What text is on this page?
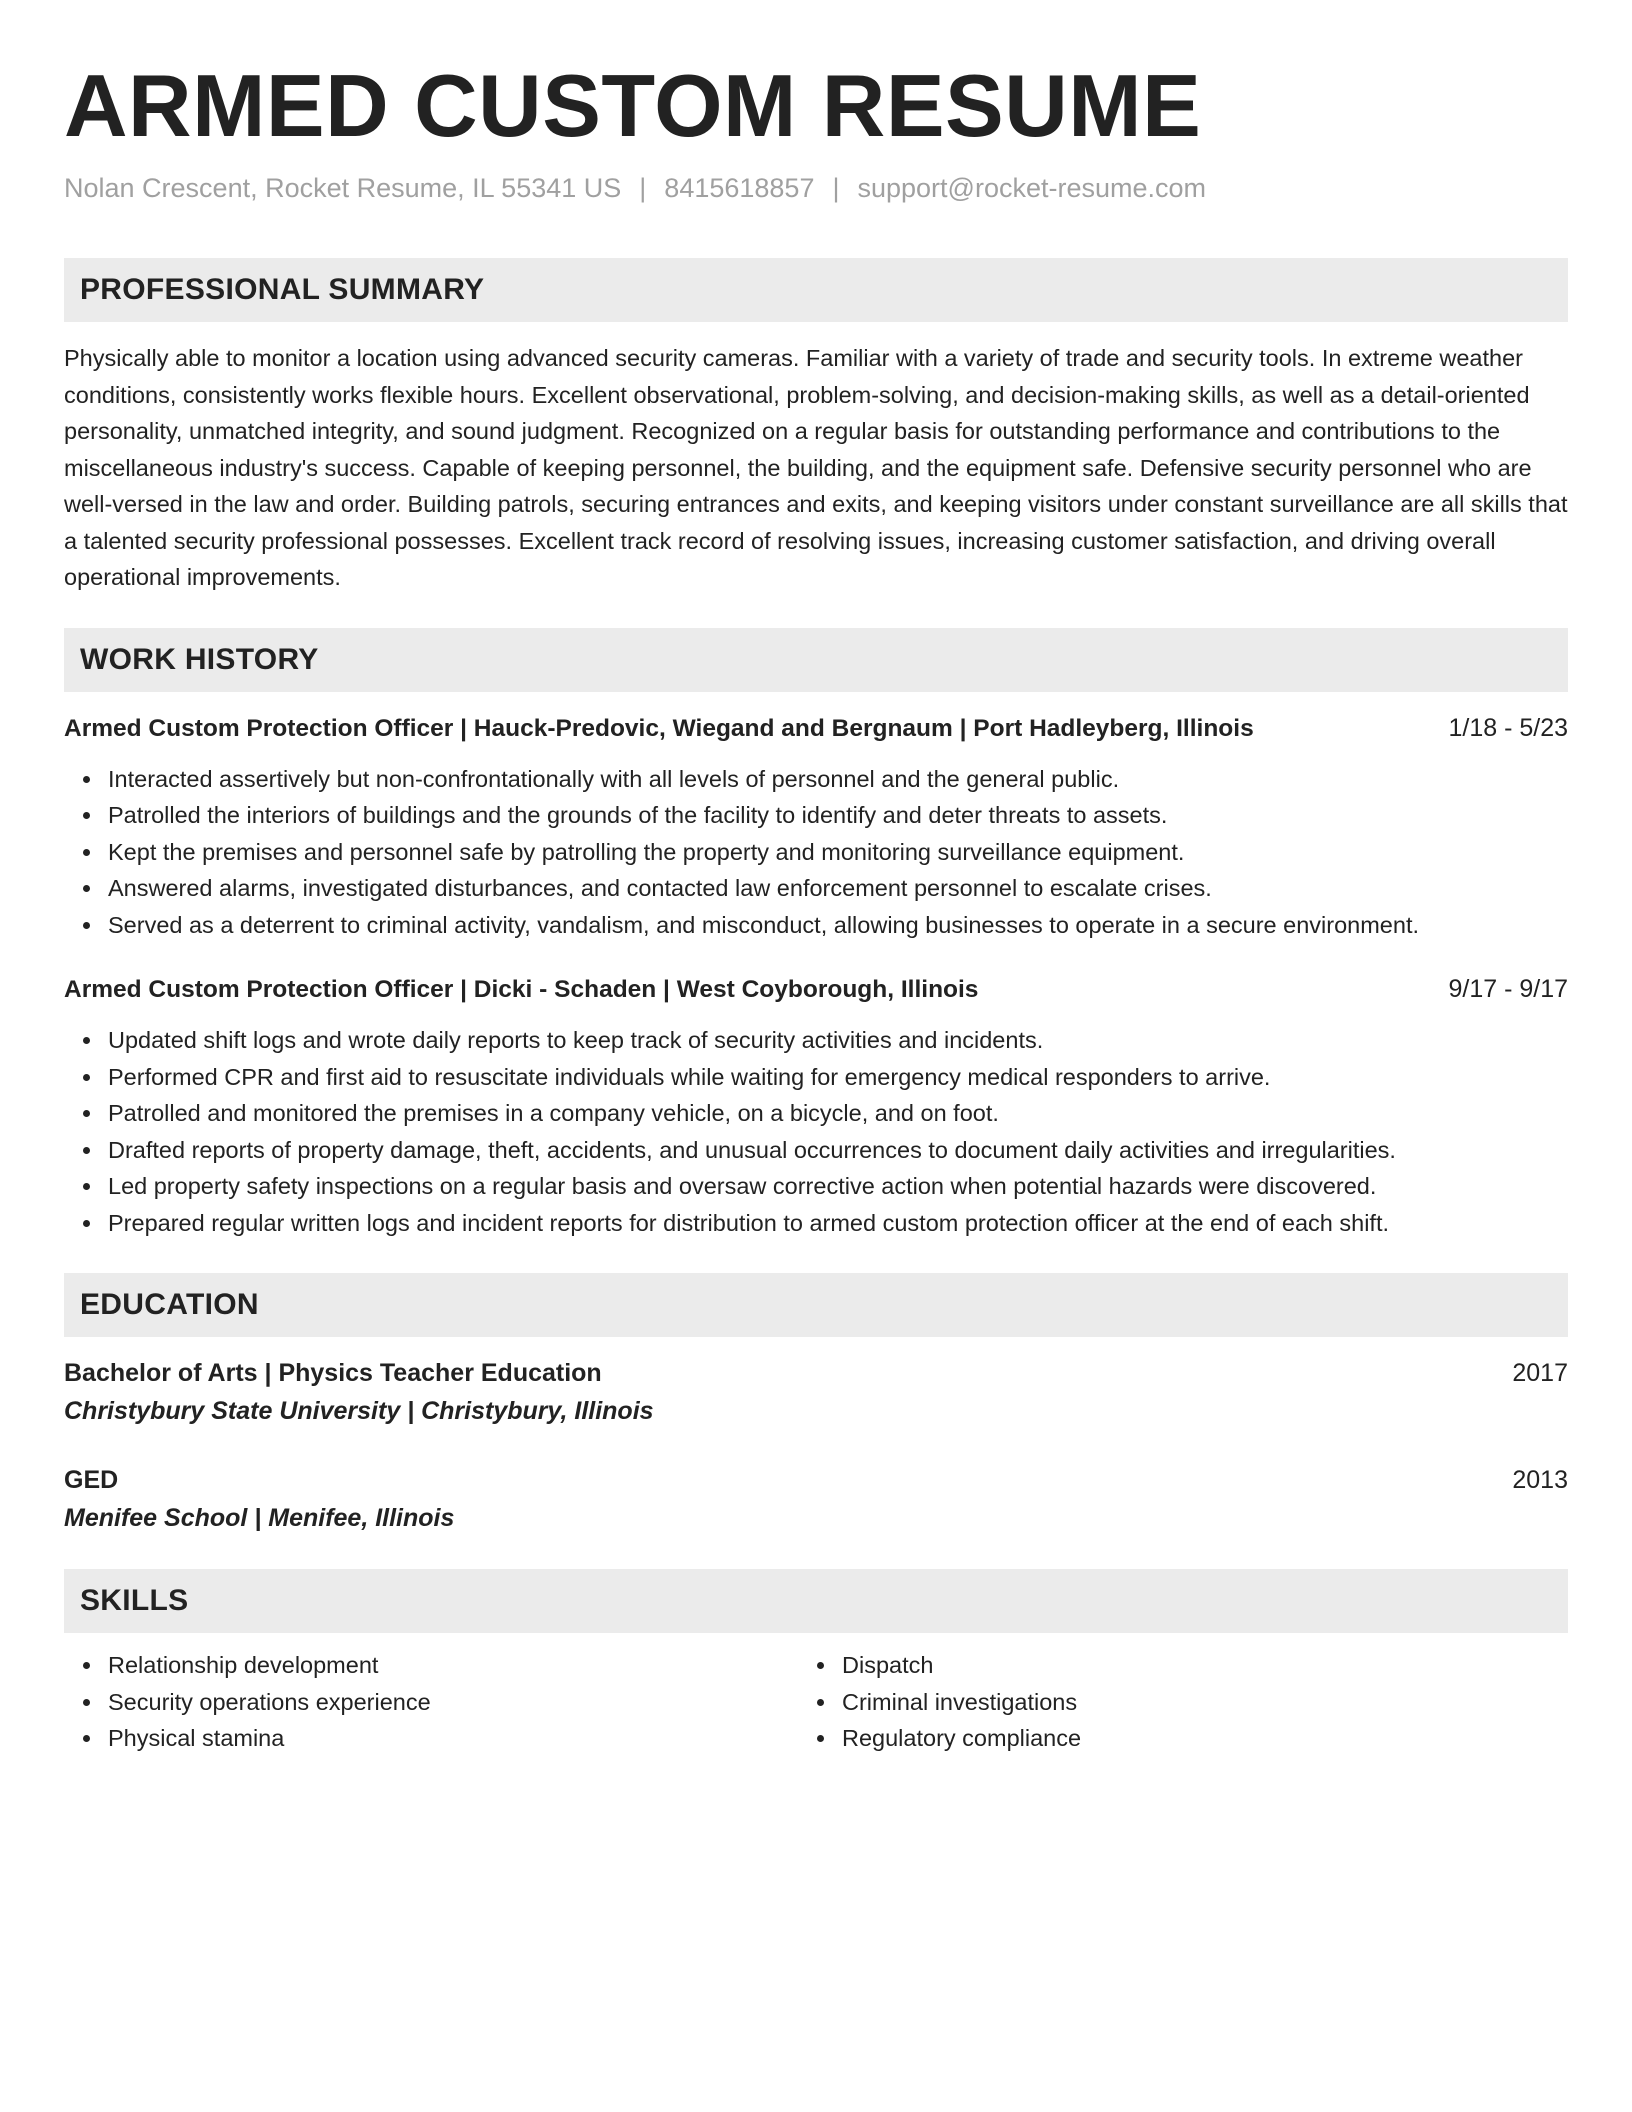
ARMED CUSTOM RESUME
Nolan Crescent, Rocket Resume, IL 55341 US | 8415618857 | support@rocket-resume.com
PROFESSIONAL SUMMARY

Physically able to monitor a location using advanced security cameras. Familiar with a variety of trade and security tools. In extreme weather conditions, consistently works flexible hours. Excellent observational, problem-solving, and decision-making skills, as well as a detail-oriented personality, unmatched integrity, and sound judgment. Recognized on a regular basis for outstanding performance and contributions to the miscellaneous industry's success. Capable of keeping personnel, the building, and the equipment safe. Defensive security personnel who are well-versed in the law and order. Building patrols, securing entrances and exits, and keeping visitors under constant surveillance are all skills that a talented security professional possesses. Excellent track record of resolving issues, increasing customer satisfaction, and driving overall operational improvements.

WORK HISTORY
Armed Custom Protection Officer | Hauck-Predovic, Wiegand and Bergnaum | Port Hadleyberg, Illinois	1/18 - 5/23
Interacted assertively but non-confrontationally with all levels of personnel and the general public.
Patrolled the interiors of buildings and the grounds of the facility to identify and deter threats to assets.
Kept the premises and personnel safe by patrolling the property and monitoring surveillance equipment.
Answered alarms, investigated disturbances, and contacted law enforcement personnel to escalate crises.
Served as a deterrent to criminal activity, vandalism, and misconduct, allowing businesses to operate in a secure environment.
Armed Custom Protection Officer | Dicki - Schaden | West Coyborough, Illinois	9/17 - 9/17
Updated shift logs and wrote daily reports to keep track of security activities and incidents.
Performed CPR and first aid to resuscitate individuals while waiting for emergency medical responders to arrive.
Patrolled and monitored the premises in a company vehicle, on a bicycle, and on foot.
Drafted reports of property damage, theft, accidents, and unusual occurrences to document daily activities and irregularities.
Led property safety inspections on a regular basis and oversaw corrective action when potential hazards were discovered.
Prepared regular written logs and incident reports for distribution to armed custom protection officer at the end of each shift.
EDUCATION
Bachelor of Arts | Physics Teacher Education	2017
Christybury State University | Christybury, Illinois
GED	2013
Menifee School | Menifee, Illinois
SKILLS
Relationship development
Security operations experience
Physical stamina
Dispatch
Criminal investigations
Regulatory compliance
